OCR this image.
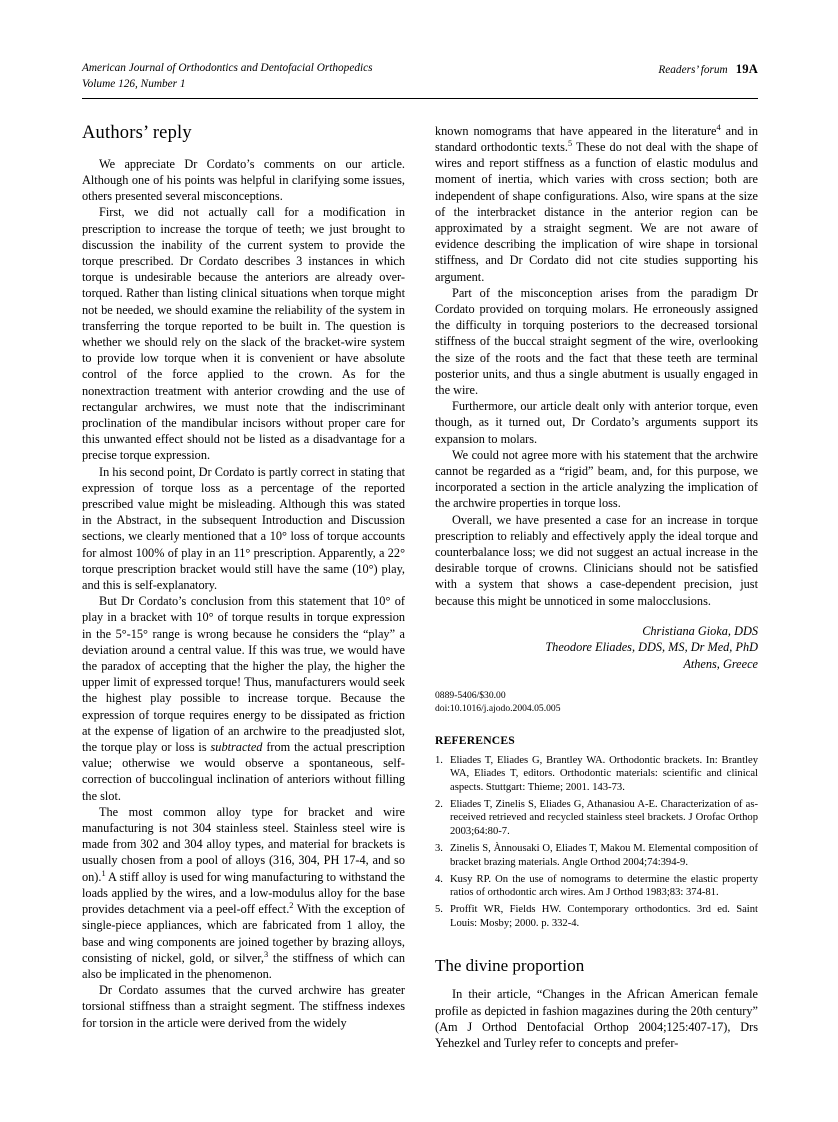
American Journal of Orthodontics and Dentofacial Orthopedics
Volume 126, Number 1
Readers’ forum 19A
Authors’ reply

We appreciate Dr Cordato’s comments on our article. Although one of his points was helpful in clarifying some issues, others presented several misconceptions.

First, we did not actually call for a modification in prescription to increase the torque of teeth; we just brought to discussion the inability of the current system to provide the torque prescribed. Dr Cordato describes 3 instances in which torque is undesirable because the anteriors are already over-torqued. Rather than listing clinical situations when torque might not be needed, we should examine the reliability of the system in transferring the torque reported to be built in. The question is whether we should rely on the slack of the bracket-wire system to provide low torque when it is convenient or have absolute control of the force applied to the crown. As for the nonextraction treatment with anterior crowding and the use of rectangular archwires, we must note that the indiscriminant proclination of the mandibular incisors without proper care for this unwanted effect should not be listed as a disadvantage for a precise torque expression.

In his second point, Dr Cordato is partly correct in stating that expression of torque loss as a percentage of the reported prescribed value might be misleading. Although this was stated in the Abstract, in the subsequent Introduction and Discussion sections, we clearly mentioned that a 10° loss of torque accounts for almost 100% of play in an 11° prescription. Apparently, a 22° torque prescription bracket would still have the same (10°) play, and this is self-explanatory.

But Dr Cordato’s conclusion from this statement that 10° of play in a bracket with 10° of torque results in torque expression in the 5°-15° range is wrong because he considers the “play” a deviation around a central value. If this was true, we would have the paradox of accepting that the higher the play, the higher the upper limit of expressed torque! Thus, manufacturers would seek the highest play possible to increase torque. Because the expression of torque requires energy to be dissipated as friction at the expense of ligation of an archwire to the preadjusted slot, the torque play or loss is subtracted from the actual prescription value; otherwise we would observe a spontaneous, self-correction of buccolingual inclination of anteriors without filling the slot.

The most common alloy type for bracket and wire manufacturing is not 304 stainless steel. Stainless steel wire is made from 302 and 304 alloy types, and material for brackets is usually chosen from a pool of alloys (316, 304, PH 17-4, and so on).$^1$ A stiff alloy is used for wing manufacturing to withstand the loads applied by the wires, and a low-modulus alloy for the base provides detachment via a peel-off effect.$^2$ With the exception of single-piece appliances, which are fabricated from 1 alloy, the base and wing components are joined together by brazing alloys, consisting of nickel, gold, or silver,$^3$ the stiffness of which can also be implicated in the phenomenon.

Dr Cordato assumes that the curved archwire has greater torsional stiffness than a straight segment. The stiffness indexes for torsion in the article were derived from the widely

known nomograms that have appeared in the literature$^4$ and in standard orthodontic texts.$^5$ These do not deal with the shape of wires and report stiffness as a function of elastic modulus and moment of inertia, which varies with cross section; both are independent of shape configurations. Also, wire spans at the size of the interbracket distance in the anterior region can be approximated by a straight segment. We are not aware of evidence describing the implication of wire shape in torsional stiffness, and Dr Cordato did not cite studies supporting his argument.

Part of the misconception arises from the paradigm Dr Cordato provided on torquing molars. He erroneously assigned the difficulty in torquing posteriors to the decreased torsional stiffness of the buccal straight segment of the wire, overlooking the size of the roots and the fact that these teeth are terminal posterior units, and thus a single abutment is usually engaged in the wire.

Furthermore, our article dealt only with anterior torque, even though, as it turned out, Dr Cordato’s arguments support its expansion to molars.

We could not agree more with his statement that the archwire cannot be regarded as a “rigid” beam, and, for this purpose, we incorporated a section in the article analyzing the implication of the archwire properties in torque loss.

Overall, we have presented a case for an increase in torque prescription to reliably and effectively apply the ideal torque and counterbalance loss; we did not suggest an actual increase in the desirable torque of crowns. Clinicians should not be satisfied with a system that shows a case-dependent precision, just because this might be unnoticed in some malocclusions.

Christiana Gioka, DDS
Theodore Eliades, DDS, MS, Dr Med, PhD
Athens, Greece

0889-5406/$30.00

doi:10.1016/j.ajodo.2004.05.005

REFERENCES
Eliades T, Eliades G, Brantley WA. Orthodontic brackets. In: Brantley WA, Eliades T, editors. Orthodontic materials: scientific and clinical aspects. Stuttgart: Thieme; 2001. 143-73.
Eliades T, Zinelis S, Eliades G, Athanasiou A-E. Characterization of as-received retrieved and recycled stainless steel brackets. J Orofac Orthop 2003;64:80-7.
Zinelis S, Ànnousaki O, Eliades T, Makou M. Elemental composition of bracket brazing materials. Angle Orthod 2004;74:394-9.
Kusy RP. On the use of nomograms to determine the elastic property ratios of orthodontic arch wires. Am J Orthod 1983;83: 374-81.
Proffit WR, Fields HW. Contemporary orthodontics. 3rd ed. Saint Louis: Mosby; 2000. p. 332-4.
The divine proportion

In their article, “Changes in the African American female profile as depicted in fashion magazines during the 20th century” (Am J Orthod Dentofacial Orthop 2004;125:407-17), Drs Yehezkel and Turley refer to concepts and prefer-
